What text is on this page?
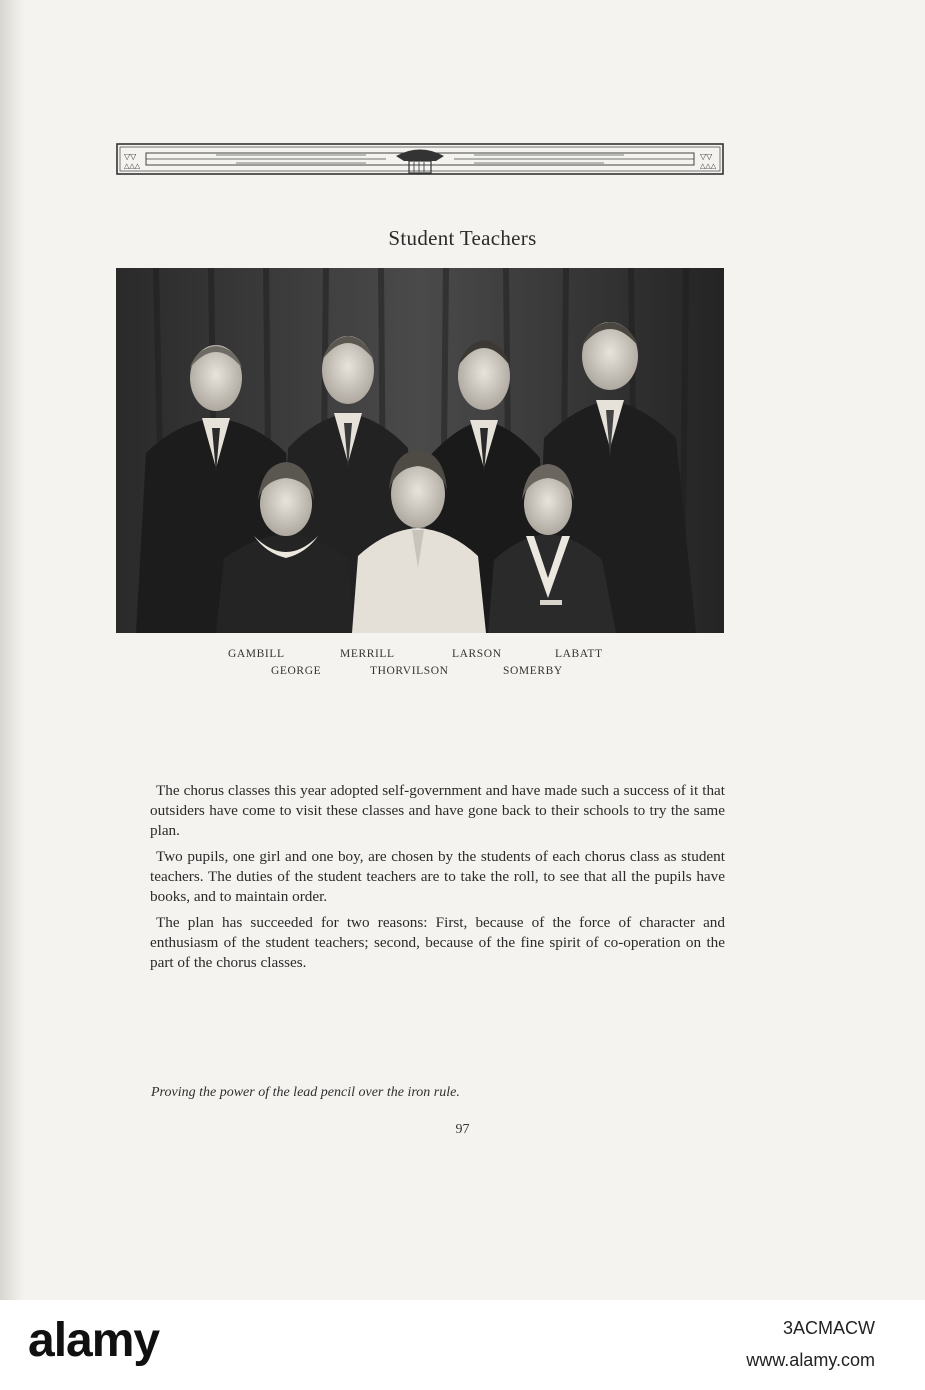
▽▽
△△△
▽▽
△△△
Student Teachers
GAMBILL	MERRILL	LARSON	LABATT
GEORGE	THORVILSON	SOMERBY

The chorus classes this year adopted self-government and have made such a success of it that outsiders have come to visit these classes and have gone back to their schools to try the same plan.

Two pupils, one girl and one boy, are chosen by the students of each chorus class as student teachers. The duties of the student teachers are to take the roll, to see that all the pupils have books, and to maintain order.

The plan has succeeded for two reasons: First, because of the force of character and enthusiasm of the student teachers; second, because of the fine spirit of co-operation on the part of the chorus classes.

Proving the power of the lead pencil over the iron rule.
97
alamy	3ACMACW
www.alamy.com
